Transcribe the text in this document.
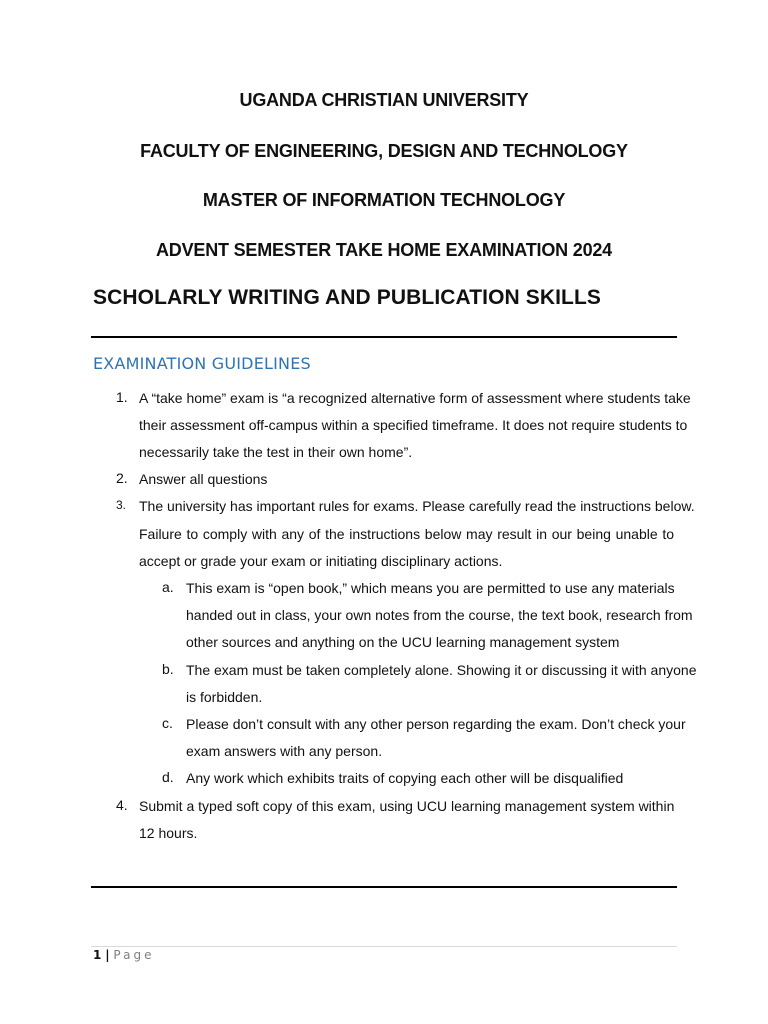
UGANDA CHRISTIAN UNIVERSITY
FACULTY OF ENGINEERING, DESIGN AND TECHNOLOGY
MASTER OF INFORMATION TECHNOLOGY
ADVENT SEMESTER TAKE HOME EXAMINATION 2024
SCHOLARLY WRITING AND PUBLICATION SKILLS
EXAMINATION GUIDELINES
1. A “take home” exam is “a recognized alternative form of assessment where students take
their assessment off-campus within a specified timeframe. It does not require students to
necessarily take the test in their own home”.
2. Answer all questions
3. The university has important rules for exams. Please carefully read the instructions below.
Failure to comply with any of the instructions below may result in our being unable to
accept or grade your exam or initiating disciplinary actions.
a. This exam is “open book,” which means you are permitted to use any materials
handed out in class, your own notes from the course, the text book, research from
other sources and anything on the UCU learning management system
b. The exam must be taken completely alone. Showing it or discussing it with anyone
is forbidden.
c. Please don’t consult with any other person regarding the exam. Don’t check your
exam answers with any person.
d. Any work which exhibits traits of copying each other will be disqualified
4. Submit a typed soft copy of this exam, using UCU learning management system within
12 hours.
1 | Page
